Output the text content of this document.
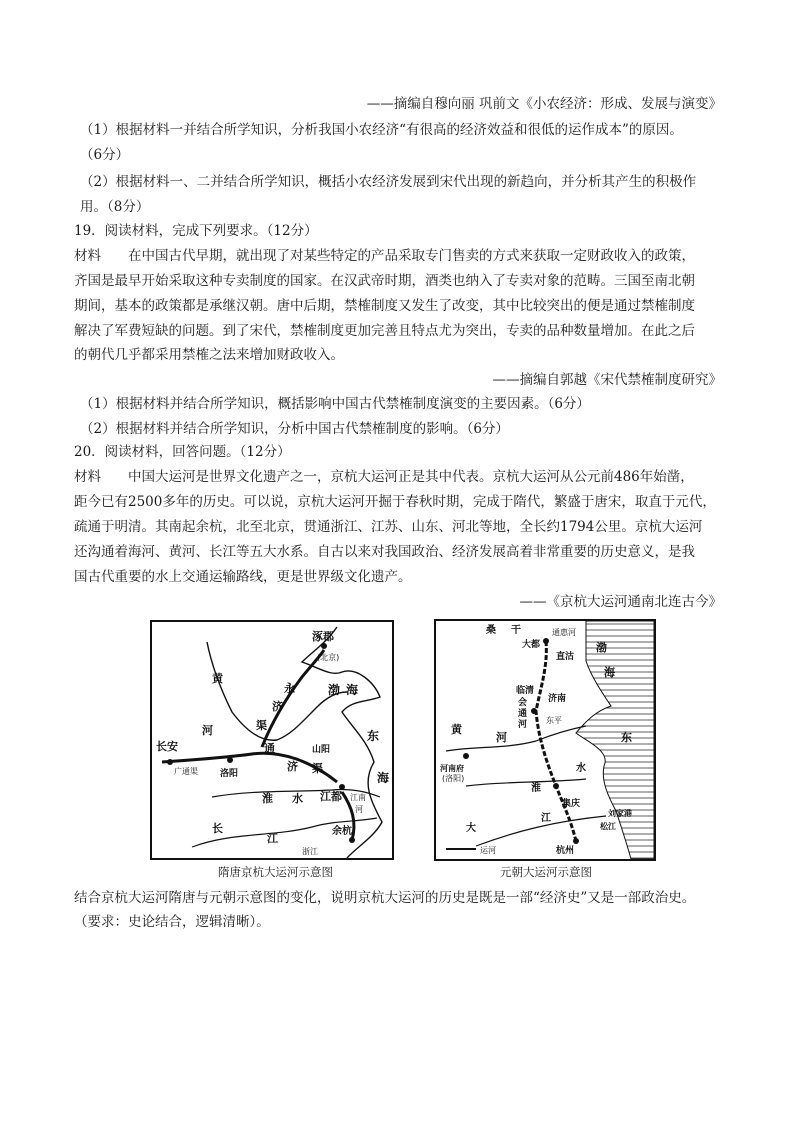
——摘编自穆向丽 巩前文《小农经济：形成、发展与演变》
（1）根据材料一并结合所学知识，分析我国小农经济“有很高的经济效益和很低的运作成本”的原因。
（6分）
（2）根据材料一、二并结合所学知识，概括小农经济发展到宋代出现的新趋向，并分析其产生的积极作
用。（8分）
19．阅读材料，完成下列要求。（12分）
材料　　在中国古代早期，就出现了对某些特定的产品采取专门售卖的方式来获取一定财政收入的政策，
齐国是最早开始采取这种专卖制度的国家。在汉武帝时期，酒类也纳入了专卖对象的范畴。三国至南北朝
期间，基本的政策都是承继汉朝。唐中后期，禁榷制度又发生了改变，其中比较突出的便是通过禁榷制度
解决了军费短缺的问题。到了宋代，禁榷制度更加完善且特点尤为突出，专卖的品种数量增加。在此之后
的朝代几乎都采用禁榷之法来增加财政收入。
——摘编自郭越《宋代禁榷制度研究》
（1）根据材料并结合所学知识，概括影响中国古代禁榷制度演变的主要因素。（6分）
（2）根据材料并结合所学知识，分析中国古代禁榷制度的影响。（6分）
20．阅读材料，回答问题。（12分）
材料　　中国大运河是世界文化遗产之一，京杭大运河正是其中代表。京杭大运河从公元前486年始凿，
距今已有2500多年的历史。可以说，京杭大运河开掘于春秋时期，完成于隋代，繁盛于唐宋，取直于元代，
疏通于明清。其南起余杭，北至北京，贯通浙江、江苏、山东、河北等地，全长约1794公里。京杭大运河
还沟通着海河、黄河、长江等五大水系。自古以来对我国政治、经济发展高着非常重要的历史意义，是我
国古代重要的水上交通运输路线，更是世界级文化遗产。
——《京杭大运河通南北连古今》
涿郡
(北京)
黄
河
永
济
渠
渤 海
东
海
长安
广通渠 洛阳
通
济 渠
山阳
淮 水 江都 江南
河
长
江
余杭
浙江
隋唐京杭大运河示意图
桑 干
大都
通惠河
直沽
渤
海
临清
会
通
河
济南
东平
黄
河
河南府
(洛阳)
东
淮
水
集庆
刘家港
松江
江
大
杭州
运河
元朝大运河示意图
结合京杭大运河隋唐与元朝示意图的变化，说明京杭大运河的历史是既是一部“经济史”又是一部政治史。
（要求：史论结合，逻辑清晰）。
